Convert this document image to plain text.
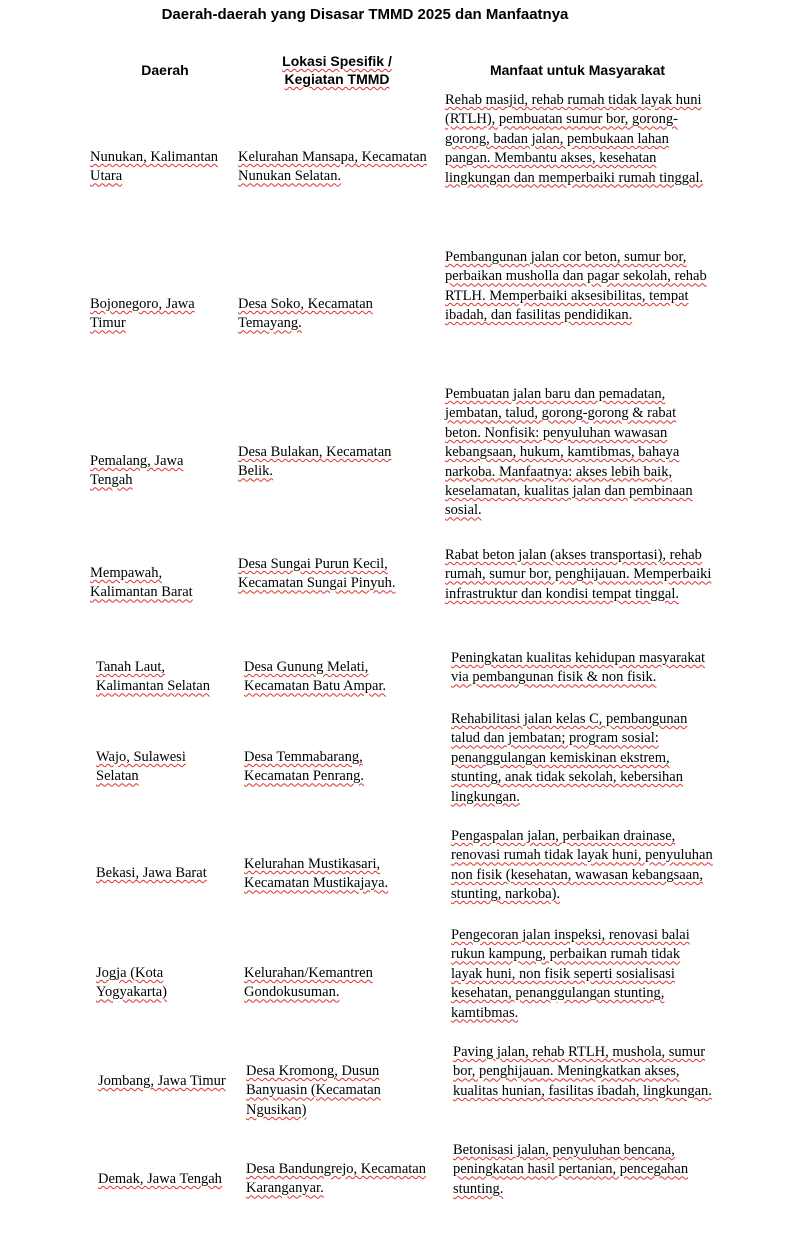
Daerah-daerah yang Disasar TMMD 2025 dan Manfaatnya
Daerah
Lokasi Spesifik / Kegiatan TMMD
Manfaat untuk Masyarakat
Nunukan, Kalimantan Utara
Kelurahan Mansapa, Kecamatan Nunukan Selatan.
Rehab masjid, rehab rumah tidak layak huni (RTLH), pembuatan sumur bor, gorong-gorong, badan jalan, pembukaan lahan pangan. Membantu akses, kesehatan lingkungan dan memperbaiki rumah tinggal.
Bojonegoro, Jawa Timur
Desa Soko, Kecamatan Temayang.
Pembangunan jalan cor beton, sumur bor, perbaikan musholla dan pagar sekolah, rehab RTLH. Memperbaiki aksesibilitas, tempat ibadah, dan fasilitas pendidikan.
Pemalang, Jawa Tengah
Desa Bulakan, Kecamatan Belik.
Pembuatan jalan baru dan pemadatan, jembatan, talud, gorong-gorong & rabat beton. Nonfisik: penyuluhan wawasan kebangsaan, hukum, kamtibmas, bahaya narkoba. Manfaatnya: akses lebih baik, keselamatan, kualitas jalan dan pembinaan sosial.
Mempawah, Kalimantan Barat
Desa Sungai Purun Kecil, Kecamatan Sungai Pinyuh.
Rabat beton jalan (akses transportasi), rehab rumah, sumur bor, penghijauan. Memperbaiki infrastruktur dan kondisi tempat tinggal.
Tanah Laut, Kalimantan Selatan
Desa Gunung Melati, Kecamatan Batu Ampar.
Peningkatan kualitas kehidupan masyarakat via pembangunan fisik & non fisik.
Wajo, Sulawesi Selatan
Desa Temmabarang, Kecamatan Penrang.
Rehabilitasi jalan kelas C, pembangunan talud dan jembatan; program sosial: penanggulangan kemiskinan ekstrem, stunting, anak tidak sekolah, kebersihan lingkungan.
Bekasi, Jawa Barat
Kelurahan Mustikasari, Kecamatan Mustikajaya.
Pengaspalan jalan, perbaikan drainase, renovasi rumah tidak layak huni, penyuluhan non fisik (kesehatan, wawasan kebangsaan, stunting, narkoba).
Jogja (Kota Yogyakarta)
Kelurahan/Kemantren Gondokusuman.
Pengecoran jalan inspeksi, renovasi balai rukun kampung, perbaikan rumah tidak layak huni, non fisik seperti sosialisasi kesehatan, penanggulangan stunting, kamtibmas.
Jombang, Jawa Timur
Desa Kromong, Dusun Banyuasin (Kecamatan Ngusikan)
Paving jalan, rehab RTLH, mushola, sumur bor, penghijauan. Meningkatkan akses, kualitas hunian, fasilitas ibadah, lingkungan.
Demak, Jawa Tengah
Desa Bandungrejo, Kecamatan Karanganyar.
Betonisasi jalan, penyuluhan bencana, peningkatan hasil pertanian, pencegahan stunting.
